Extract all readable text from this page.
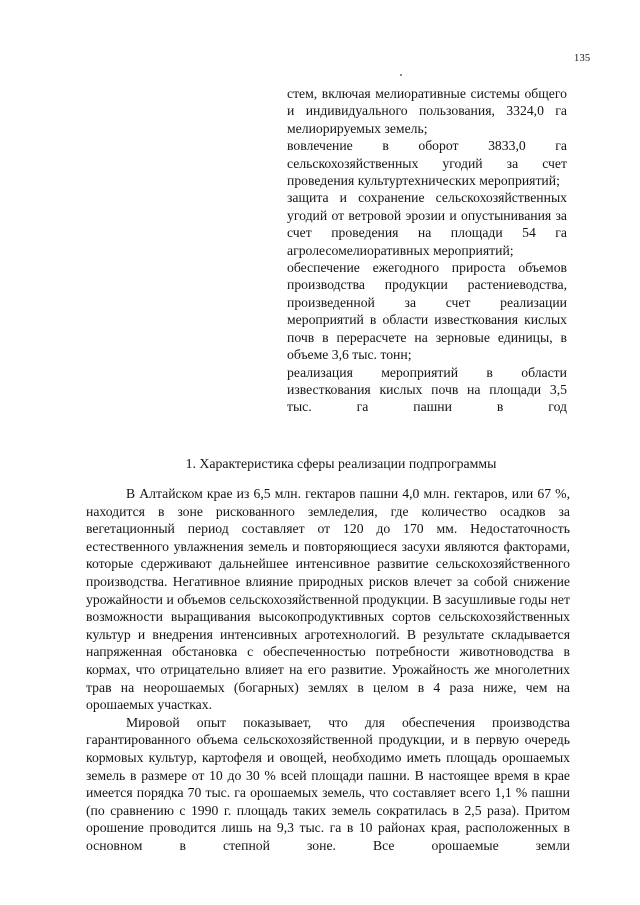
135

стем, включая мелиоративные системы общего и индивидуального пользования, 3324,0 га мелиорируемых земель;

вовлечение в оборот 3833,0 га сельскохозяйственных угодий за счет проведения культуртехнических мероприятий;

защита и сохранение сельскохозяйственных угодий от ветровой эрозии и опустынивания за счет проведения на площади 54 га агролесомелиоративных мероприятий;

обеспечение ежегодного прироста объемов производства продукции растениеводства, произведенной за счет реализации мероприятий в области известкования кислых почв в перерасчете на зерновые единицы, в объеме 3,6 тыс. тонн;

реализация мероприятий в области известкования кислых почв на площади 3,5 тыс. га пашни в год

1. Характеристика сферы реализации подпрограммы

В Алтайском крае из 6,5 млн. гектаров пашни 4,0 млн. гектаров, или 67 %, находится в зоне рискованного земледелия, где количество осадков за вегетационный период составляет от 120 до 170 мм. Недостаточность естественного увлажнения земель и повторяющиеся засухи являются факторами, которые сдерживают дальнейшее интенсивное развитие сельскохозяйственного производства. Негативное влияние природных рисков влечет за собой снижение урожайности и объемов сельскохозяйственной продукции. В засушливые годы нет возможности выращивания высокопродуктивных сортов сельскохозяйственных культур и внедрения интенсивных агротехнологий. В результате складывается напряженная обстановка с обеспеченностью потребности животноводства в кормах, что отрицательно влияет на его развитие. Урожайность же многолетних трав на неорошаемых (богарных) землях в целом в 4 раза ниже, чем на орошаемых участках.

Мировой опыт показывает, что для обеспечения производства гарантированного объема сельскохозяйственной продукции, и в первую очередь кормовых культур, картофеля и овощей, необходимо иметь площадь орошаемых земель в размере от 10 до 30 % всей площади пашни. В настоящее время в крае имеется порядка 70 тыс. га орошаемых земель, что составляет всего 1,1 % пашни (по сравнению с 1990 г. площадь таких земель сократилась в 2,5 раза). Притом орошение проводится лишь на 9,3 тыс. га в 10 районах края, расположенных в основном в степной зоне. Все орошаемые земли
